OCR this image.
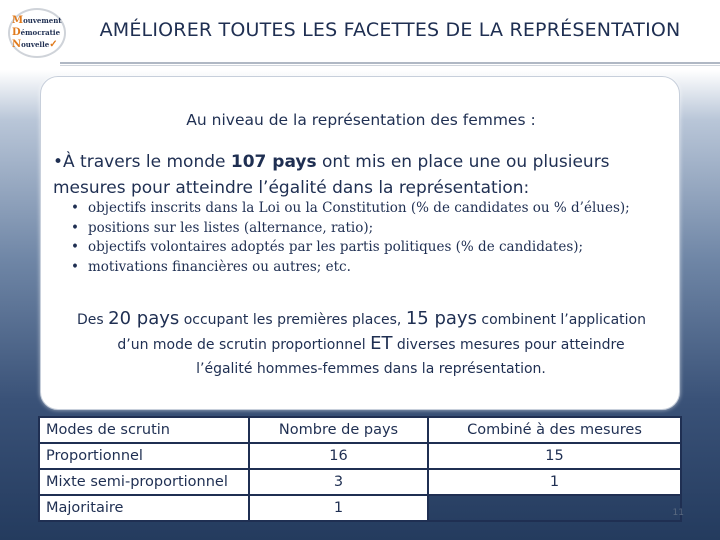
Mouvement
Démocratie
Nouvelle✓
AMÉLIORER TOUTES LES FACETTES DE LA REPRÉSENTATION
Au niveau de la représentation des femmes :
•À travers le monde 107 pays ont mis en place une ou plusieurs mesures pour atteindre l’égalité dans la représentation:
• objectifs inscrits dans la Loi ou la Constitution (% de candidates ou % d’élues);
• positions sur les listes (alternance, ratio);
• objectifs volontaires adoptés par les partis politiques (% de candidates);
• motivations financières ou autres; etc.
Des 20 pays occupant les premières places, 15 pays combinent l’application
d’un mode de scrutin proportionnel ET diverses mesures pour atteindre
l’égalité hommes-femmes dans la représentation.
Modes de scrutin	Nombre de pays	Combiné à des mesures
Proportionnel	16	15
Mixte semi-proportionnel	3	1
Majoritaire	1		11
